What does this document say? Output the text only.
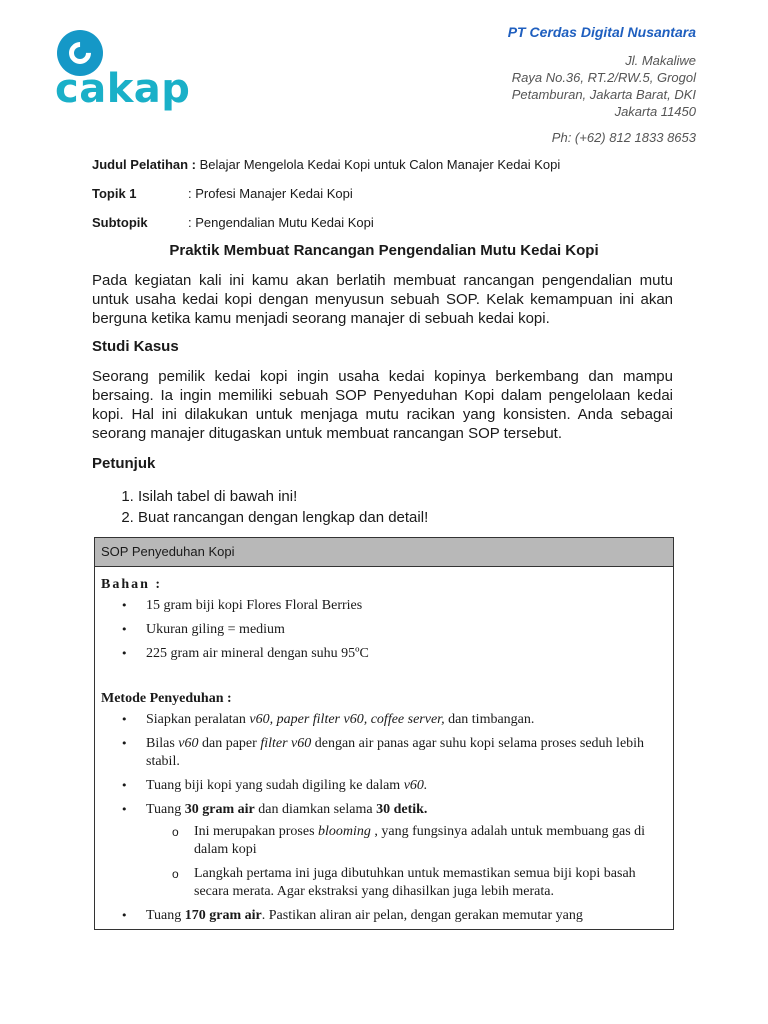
cakap
PT Cerdas Digital Nusantara
Jl. Makaliwe
Raya No.36, RT.2/RW.5, Grogol
Petamburan, Jakarta Barat, DKI
Jakarta 11450
Ph: (+62) 812 1833 8653
Judul Pelatihan : Belajar Mengelola Kedai Kopi untuk Calon Manajer Kedai Kopi
Topik 1	: Profesi Manajer Kedai Kopi
Subtopik	: Pengendalian Mutu Kedai Kopi
Praktik Membuat Rancangan Pengendalian Mutu Kedai Kopi
Pada kegiatan kali ini kamu akan berlatih membuat rancangan pengendalian mutu untuk usaha kedai kopi dengan menyusun sebuah SOP. Kelak kemampuan ini akan berguna ketika kamu menjadi seorang manajer di sebuah kedai kopi.
Studi Kasus
Seorang pemilik kedai kopi ingin usaha kedai kopinya berkembang dan mampu bersaing. Ia ingin memiliki sebuah SOP Penyeduhan Kopi dalam pengelolaan kedai kopi. Hal ini dilakukan untuk menjaga mutu racikan yang konsisten. Anda sebagai seorang manajer ditugaskan untuk membuat rancangan SOP tersebut.
Petunjuk
1. Isilah tabel di bawah ini!
2. Buat rancangan dengan lengkap dan detail!
SOP Penyeduhan Kopi
Bahan :
• 15 gram biji kopi Flores Floral Berries
• Ukuran giling = medium
• 225 gram air mineral dengan suhu 95ºC
Metode Penyeduhan :
• Siapkan peralatan v60, paper filter v60, coffee server, dan timbangan.
• Bilas v60 dan paper filter v60 dengan air panas agar suhu kopi selama proses seduh lebih stabil.
• Tuang biji kopi yang sudah digiling ke dalam v60.
• Tuang 30 gram air dan diamkan selama 30 detik.
o Ini merupakan proses blooming , yang fungsinya adalah untuk membuang gas di dalam kopi
o Langkah pertama ini juga dibutuhkan untuk memastikan semua biji kopi basah secara merata. Agar ekstraksi yang dihasilkan juga lebih merata.
• Tuang 170 gram air. Pastikan aliran air pelan, dengan gerakan memutar yang
